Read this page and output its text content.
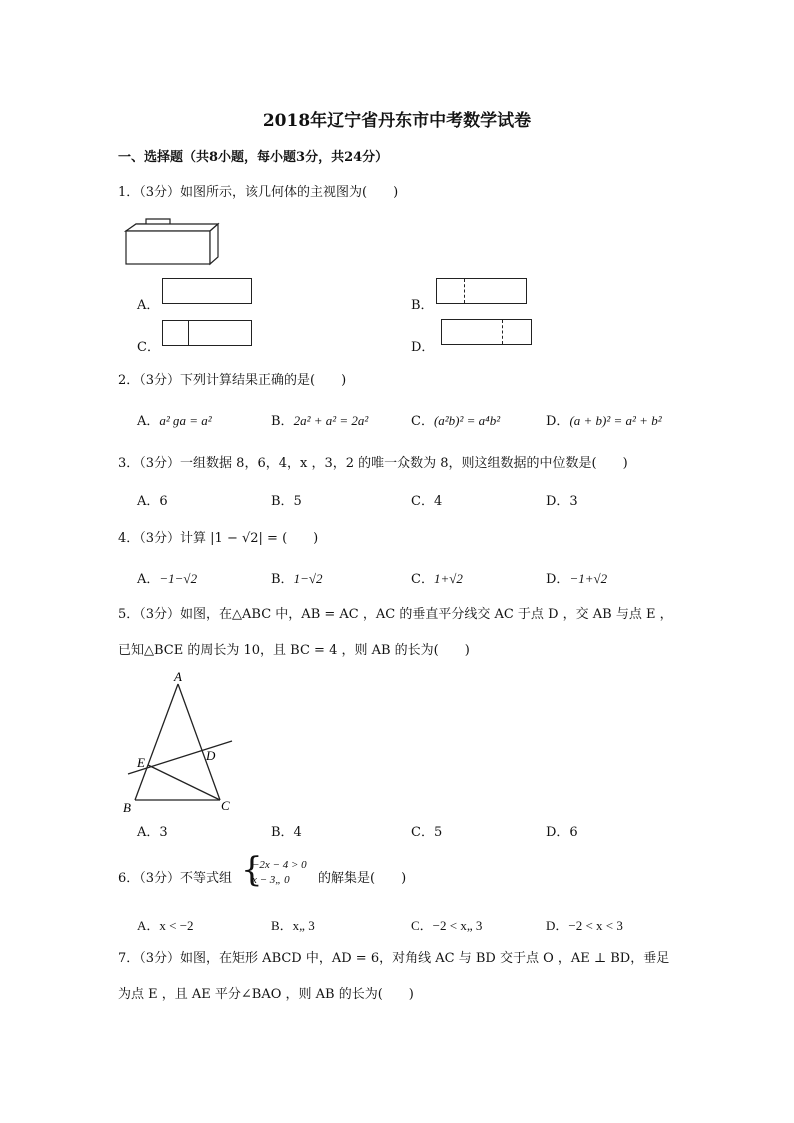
2018年辽宁省丹东市中考数学试卷
一、选择题（共8小题，每小题3分，共24分）
1．（3分）如图所示，该几何体的主视图为(　　)
A．	B．
C．	D．
2．（3分）下列计算结果正确的是(　　)
A．a² ɡa = a²	B．2a² + a² = 2a²	C．(a²b)² = a⁴b²	D．(a + b)² = a² + b²
3．（3分）一组数据 8，6，4，x ，3，2 的唯一众数为 8，则这组数据的中位数是(　　)
A．6	B．5	C．4	D．3
4．（3分）计算 |1 − √2| = (　　)
A．−1−√2	B．1−√2	C．1+√2	D．−1+√2
5．（3分）如图，在△ABC 中，AB = AC ，AC 的垂直平分线交 AC 于点 D ，交 AB 与点 E ，
已知△BCE 的周长为 10，且 BC = 4 ，则 AB 的长为(　　)
A
B	C
D
E
A．3	B．4	C．5	D．6
6．（3分）不等式组 {
−2x − 4 > 0
x − 3„ 0	的解集是(　　)
A．x < −2	B．x„ 3	C．−2 < x„ 3	D．−2 < x < 3
7．（3分）如图，在矩形 ABCD 中，AD = 6，对角线 AC 与 BD 交于点 O ，AE ⊥ BD，垂足
为点 E ，且 AE 平分∠BAO ，则 AB 的长为(　　)
